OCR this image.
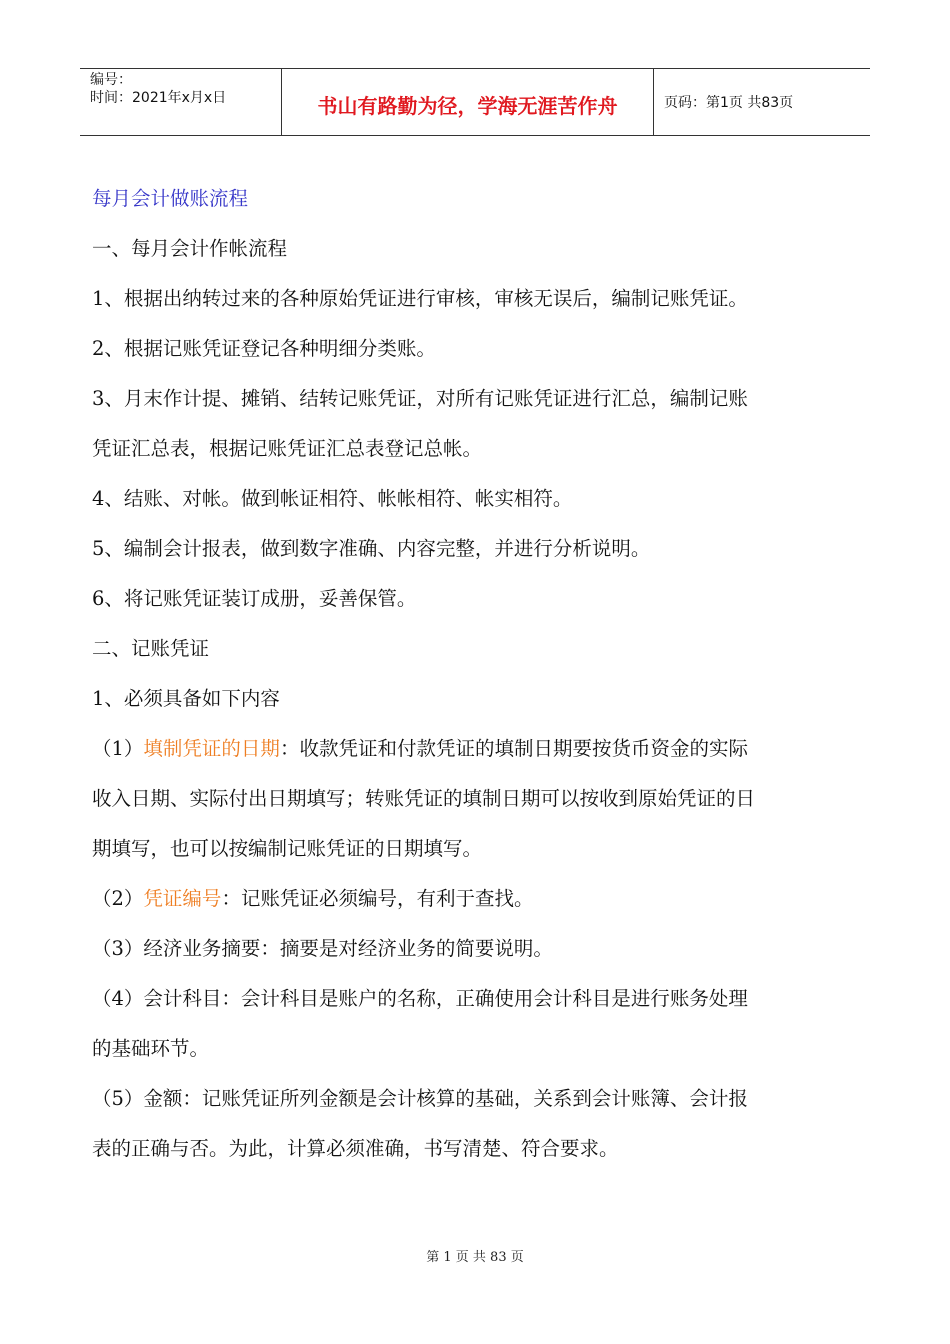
编号：
时间：2021年x月x日	书山有路勤为径，学海无涯苦作舟	页码：第1页 共83页

每月会计做账流程

一、每月会计作帐流程

1、根据出纳转过来的各种原始凭证进行审核，审核无误后，编制记账凭证。

2、根据记账凭证登记各种明细分类账。

3、月末作计提、摊销、结转记账凭证，对所有记账凭证进行汇总，编制记账

凭证汇总表，根据记账凭证汇总表登记总帐。

4、结账、对帐。做到帐证相符、帐帐相符、帐实相符。

5、编制会计报表，做到数字准确、内容完整，并进行分析说明。

6、将记账凭证装订成册，妥善保管。

二、记账凭证

1、必须具备如下内容

（1）填制凭证的日期：收款凭证和付款凭证的填制日期要按货币资金的实际

收入日期、实际付出日期填写；转账凭证的填制日期可以按收到原始凭证的日

期填写，也可以按编制记账凭证的日期填写。

（2）凭证编号：记账凭证必须编号，有利于查找。

（3）经济业务摘要：摘要是对经济业务的简要说明。

（4）会计科目：会计科目是账户的名称，正确使用会计科目是进行账务处理

的基础环节。

（5）金额：记账凭证所列金额是会计核算的基础，关系到会计账簿、会计报

表的正确与否。为此，计算必须准确，书写清楚、符合要求。

第 1 页 共 83 页
